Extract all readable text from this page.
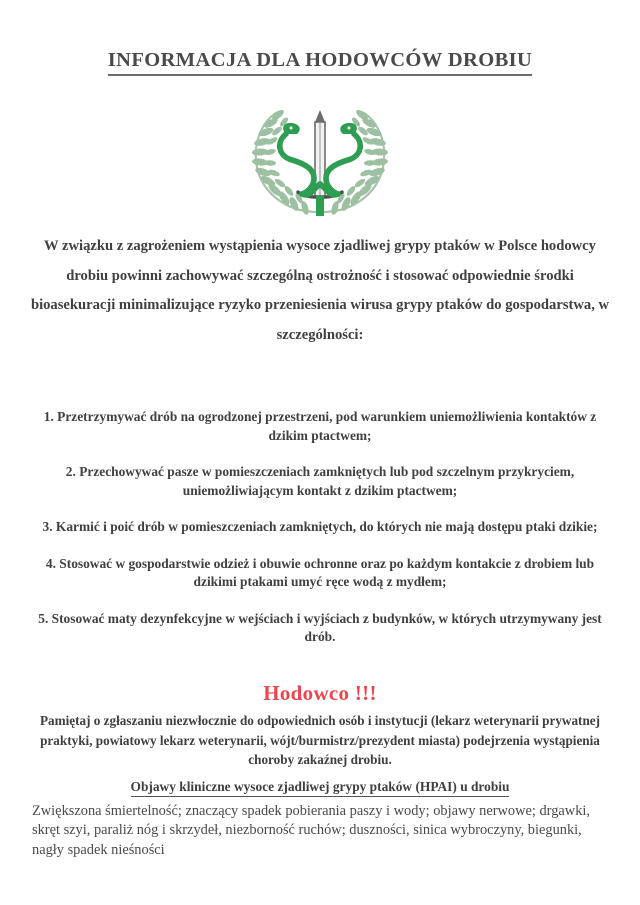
INFORMACJA DLA HODOWCÓW DROBIU
W związku z zagrożeniem wystąpienia wysoce zjadliwej grypy ptaków w Polsce hodowcy drobiu powinni zachowywać szczególną ostrożność i stosować odpowiednie środki bioasekuracji minimalizujące ryzyko przeniesienia wirusa grypy ptaków do gospodarstwa, w szczególności:
1. Przetrzymywać drób na ogrodzonej przestrzeni, pod warunkiem uniemożliwienia kontaktów z dzikim ptactwem;
2. Przechowywać pasze w pomieszczeniach zamkniętych lub pod szczelnym przykryciem, uniemożliwiającym kontakt z dzikim ptactwem;
3. Karmić i poić drób w pomieszczeniach zamkniętych, do których nie mają dostępu ptaki dzikie;
4. Stosować w gospodarstwie odzież i obuwie ochronne oraz po każdym kontakcie z drobiem lub dzikimi ptakami umyć ręce wodą z mydłem;
5. Stosować maty dezynfekcyjne w wejściach i wyjściach z budynków, w których utrzymywany jest drób.
Hodowco !!!
Pamiętaj o zgłaszaniu niezwłocznie do odpowiednich osób i instytucji (lekarz weterynarii prywatnej praktyki, powiatowy lekarz weterynarii, wójt/burmistrz/prezydent miasta) podejrzenia wystąpienia choroby zakaźnej drobiu.
Objawy kliniczne wysoce zjadliwej grypy ptaków (HPAI) u drobiu
Zwiększona śmiertelność; znaczący spadek pobierania paszy i wody; objawy nerwowe; drgawki, skręt szyi, paraliż nóg i skrzydeł, niezborność ruchów; duszności, sinica wybroczyny, biegunki, nagły spadek nieśności
